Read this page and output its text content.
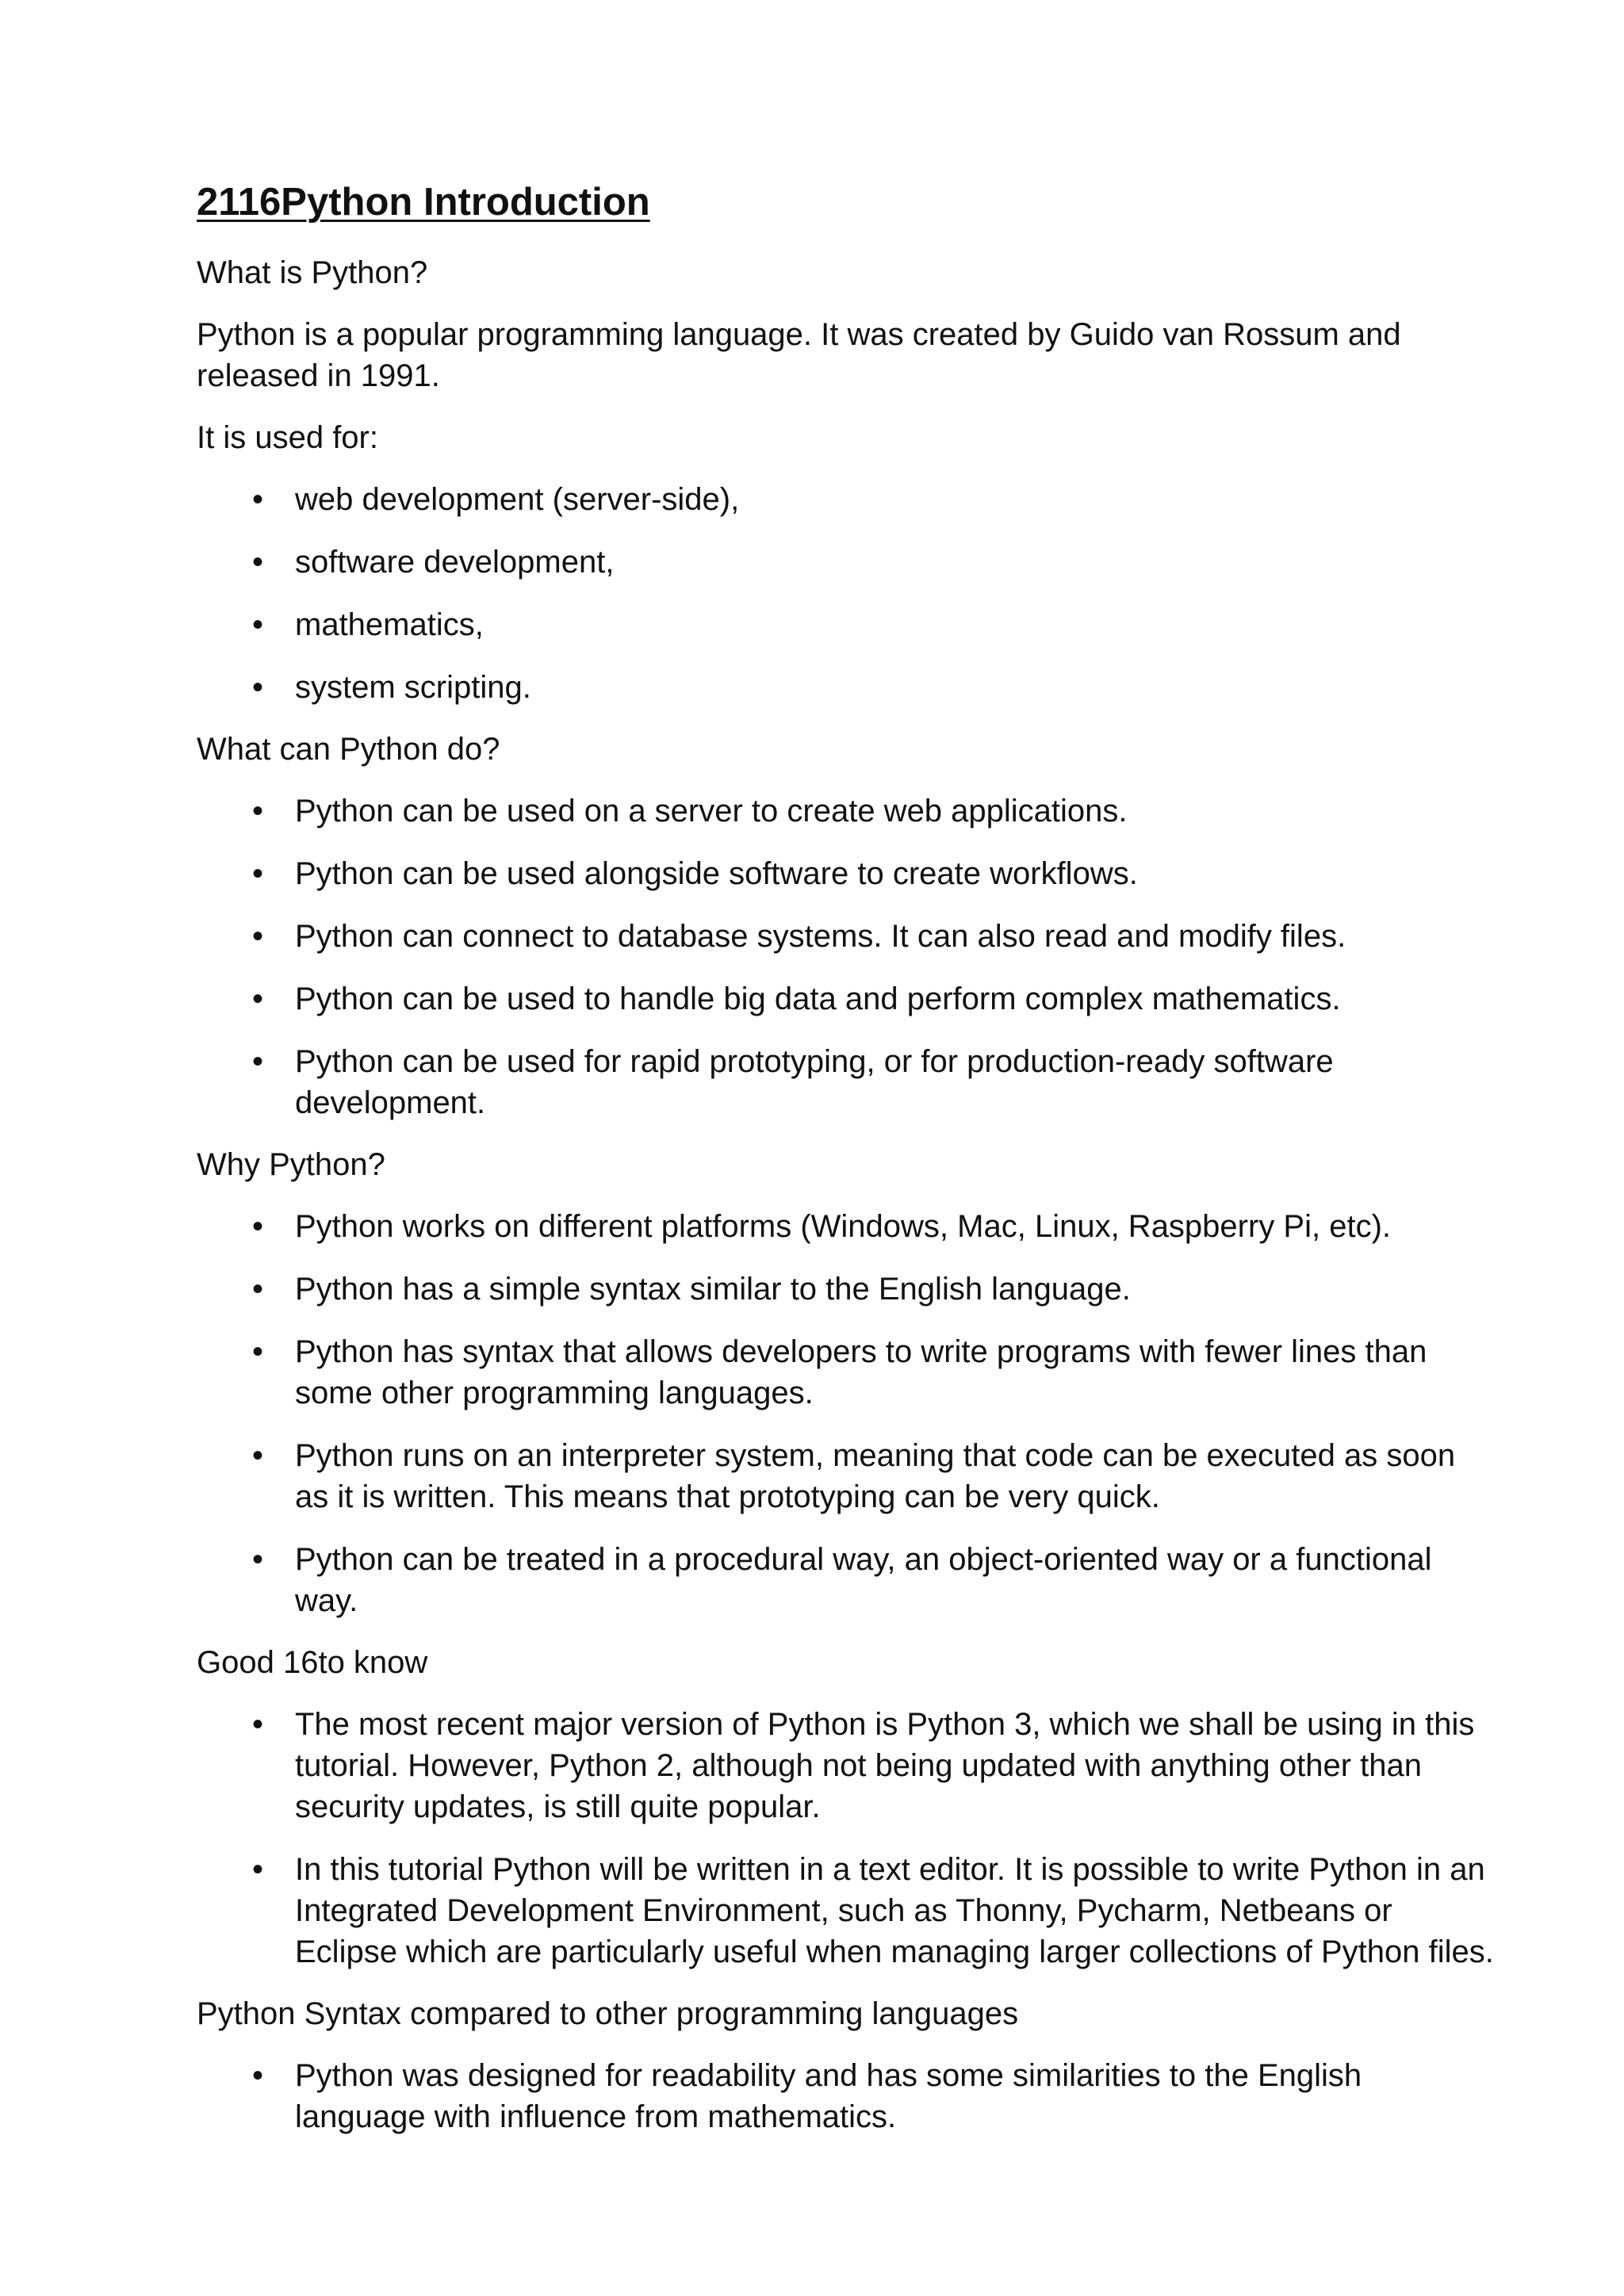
2116Python Introduction

What is Python?

Python is a popular programming language. It was created by Guido van Rossum and released in 1991.

It is used for:

• web development (server-side),
• software development,
• mathematics,
• system scripting.

What can Python do?

• Python can be used on a server to create web applications.
• Python can be used alongside software to create workflows.
• Python can connect to database systems. It can also read and modify files.
• Python can be used to handle big data and perform complex mathematics.
• Python can be used for rapid prototyping, or for production-ready software development.

Why Python?

• Python works on different platforms (Windows, Mac, Linux, Raspberry Pi, etc).
• Python has a simple syntax similar to the English language.
• Python has syntax that allows developers to write programs with fewer lines than some other programming languages.
• Python runs on an interpreter system, meaning that code can be executed as soon as it is written. This means that prototyping can be very quick.
• Python can be treated in a procedural way, an object-oriented way or a functional way.

Good 16to know

• The most recent major version of Python is Python 3, which we shall be using in this tutorial. However, Python 2, although not being updated with anything other than security updates, is still quite popular.
• In this tutorial Python will be written in a text editor. It is possible to write Python in an Integrated Development Environment, such as Thonny, Pycharm, Netbeans or Eclipse which are particularly useful when managing larger collections of Python files.

Python Syntax compared to other programming languages

• Python was designed for readability and has some similarities to the English language with influence from mathematics.
